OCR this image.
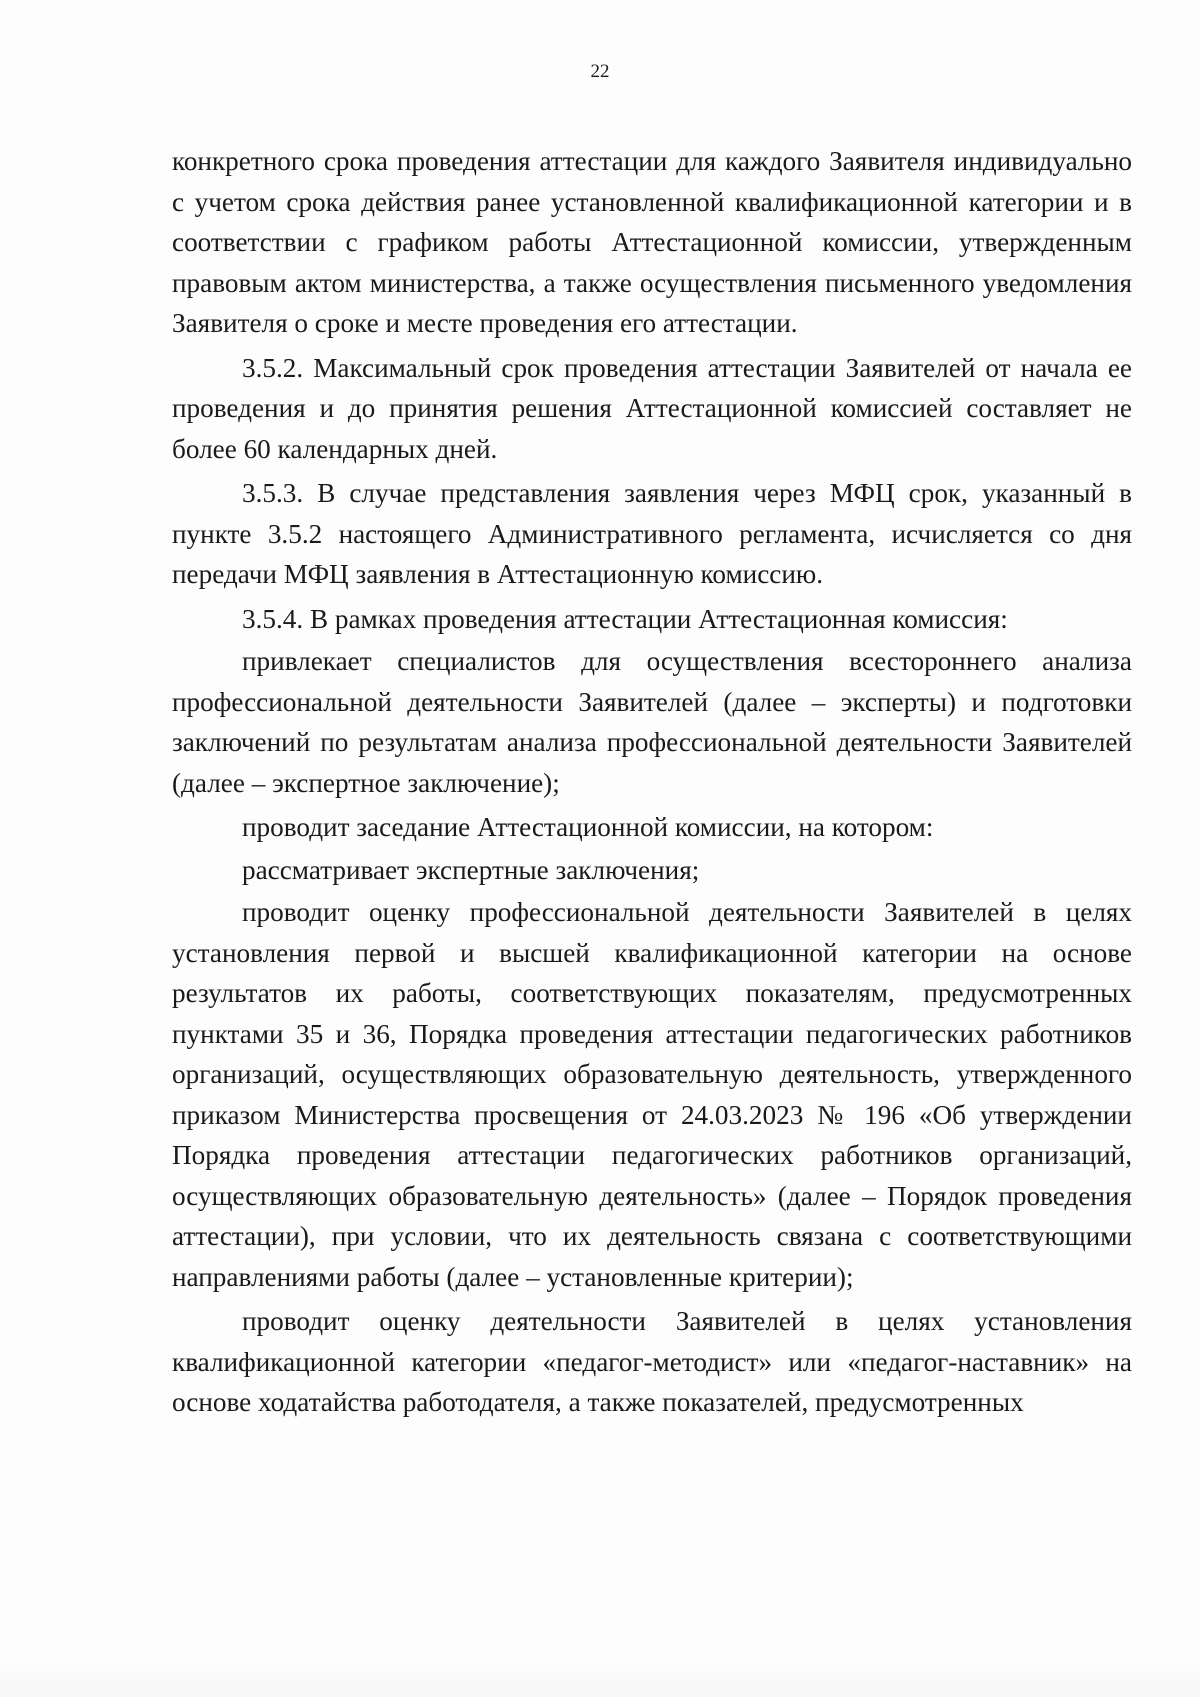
22

конкретного срока проведения аттестации для каждого Заявителя индивидуально с учетом срока действия ранее установленной квалификационной категории и в соответствии с графиком работы Аттестационной комиссии, утвержденным правовым актом министерства, а также осуществления письменного уведомления Заявителя о сроке и месте проведения его аттестации.

3.5.2. Максимальный срок проведения аттестации Заявителей от начала ее проведения и до принятия решения Аттестационной комиссией составляет не более 60 календарных дней.

3.5.3. В случае представления заявления через МФЦ срок, указанный в пункте 3.5.2 настоящего Административного регламента, исчисляется со дня передачи МФЦ заявления в Аттестационную комиссию.

3.5.4. В рамках проведения аттестации Аттестационная комиссия:

привлекает специалистов для осуществления всестороннего анализа профессиональной деятельности Заявителей (далее – эксперты) и подготовки заключений по результатам анализа профессиональной деятельности Заявителей (далее – экспертное заключение);

проводит заседание Аттестационной комиссии, на котором:

рассматривает экспертные заключения;

проводит оценку профессиональной деятельности Заявителей в целях установления первой и высшей квалификационной категории на основе результатов их работы, соответствующих показателям, предусмотренных пунктами 35 и 36, Порядка проведения аттестации педагогических работников организаций, осуществляющих образовательную деятельность, утвержденного приказом Министерства просвещения от 24.03.2023 № 196 «Об утверждении Порядка проведения аттестации педагогических работников организаций, осуществляющих образовательную деятельность» (далее – Порядок проведения аттестации), при условии, что их деятельность связана с соответствующими направлениями работы (далее – установленные критерии);

проводит оценку деятельности Заявителей в целях установления квалификационной категории «педагог-методист» или «педагог-наставник» на основе ходатайства работодателя, а также показателей, предусмотренных
